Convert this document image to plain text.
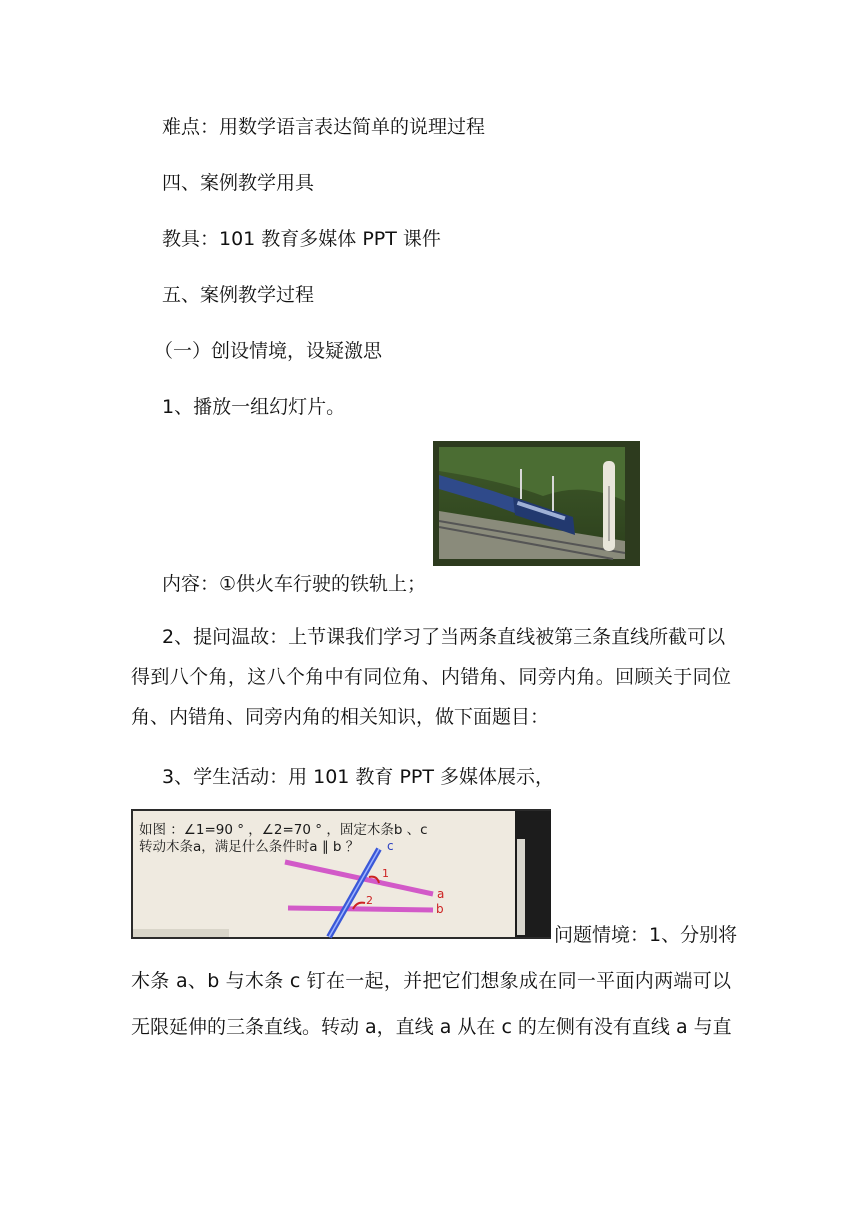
难点：用数学语言表达简单的说理过程
四、案例教学用具
教具：101 教育多媒体 PPT 课件
五、案例教学过程
（一）创设情境，设疑激思
1、播放一组幻灯片。
内容：①供火车行驶的铁轨上；
2、提问温故：上节课我们学习了当两条直线被第三条直线所截可以
得到八个角，这八个角中有同位角、内错角、同旁内角。回顾关于同位
角、内错角、同旁内角的相关知识，做下面题目：
3、学生活动：用 101 教育 PPT 多媒体展示，
如图 ：∠1=90 ° ，∠2=70 ° ，固定木条b 、c
转动木条a，满足什么条件时a ∥ b ？ c
a
b
1
2
问题情境：1、分别将
木条 a、b 与木条 c 钉在一起，并把它们想象成在同一平面内两端可以
无限延伸的三条直线。转动 a，直线 a 从在 c 的左侧有没有直线 a 与直
